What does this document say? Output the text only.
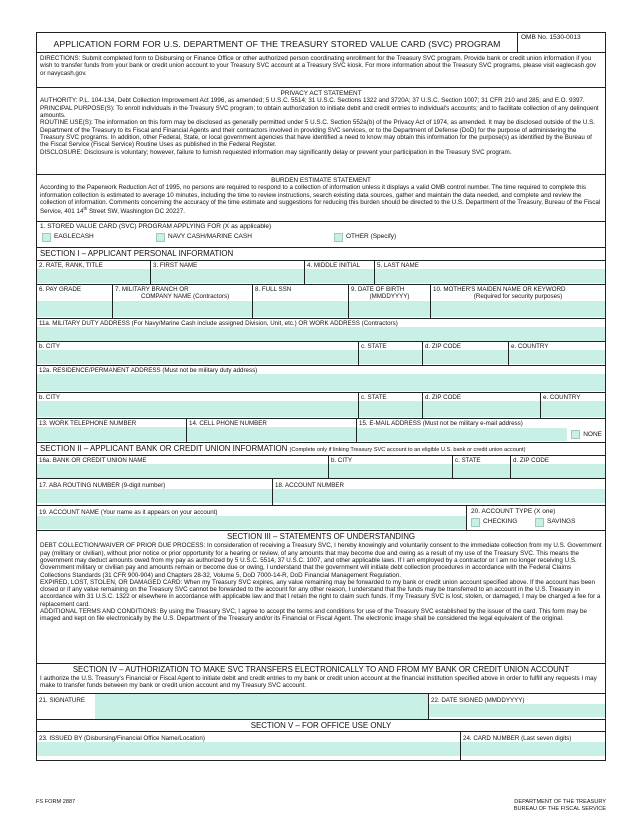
APPLICATION FORM FOR U.S. DEPARTMENT OF THE TREASURY STORED VALUE CARD (SVC) PROGRAM
OMB No. 1530-0013
DIRECTIONS: Submit completed form to Disbursing or Finance Office or other authorized person coordinating enrollment for the Treasury SVC program. Provide bank or credit union information if you wish to transfer funds from your bank or credit union account to your Treasury SVC account at a Treasury SVC kiosk. For more information about the Treasury SVC programs, please visit eaglecash.gov or navycash.gov.
PRIVACY ACT STATEMENT
AUTHORITY: P.L. 104-134, Debt Collection Improvement Act 1996, as amended; 5 U.S.C. 5514; 31 U.S.C. Sections 1322 and 3720A; 37 U.S.C. Section 1007; 31 CFR 210 and 285; and E.O. 9397.
PRINCIPAL PURPOSE(S): To enroll individuals in the Treasury SVC program; to obtain authorization to initiate debit and credit entries to individual's accounts; and to facilitate collection of any delinquent amounts.
ROUTINE USE(S): The information on this form may be disclosed as generally permitted under 5 U.S.C. Section 552a(b) of the Privacy Act of 1974, as amended. It may be disclosed outside of the U.S. Department of the Treasury to its Fiscal and Financial Agents and their contractors involved in providing SVC services, or to the Department of Defense (DoD) for the purpose of administering the Treasury SVC programs. In addition, other Federal, State, or local government agencies that have identified a need to know may obtain this information for the purpose(s) as identified by the Bureau of the Fiscal Service (Fiscal Service) Routine Uses as published in the Federal Register.
DISCLOSURE: Disclosure is voluntary; however, failure to furnish requested information may significantly delay or prevent your participation in the Treasury SVC program.
BURDEN ESTIMATE STATEMENT
According to the Paperwork Reduction Act of 1995, no persons are required to respond to a collection of information unless it displays a valid OMB control number. The time required to complete this information collection is estimated to average 10 minutes, including the time to review instructions, search existing data sources, gather and maintain the data needed, and complete and review the collection of information. Comments concerning the accuracy of the time estimate and suggestions for reducing this burden should be directed to the U.S. Department of the Treasury, Bureau of the Fiscal Service, 401 14th Street SW, Washington DC 20227.
1. STORED VALUE CARD (SVC) PROGRAM APPLYING FOR (X as applicable)
EAGLECASH	NAVY CASH/MARINE CASH	OTHER (Specify)
SECTION I – APPLICANT PERSONAL INFORMATION
2. RATE, RANK, TITLE	3. FIRST NAME	4. MIDDLE INITIAL	5. LAST NAME
6. PAY GRADE	7. MILITARY BRANCH OR
COMPANY NAME (Contractors)
8. FULL SSN	9. DATE OF BIRTH
(MMDDYYYY)
10. MOTHER'S MAIDEN NAME OR KEYWORD
(Required for security purposes)
11a. MILITARY DUTY ADDRESS (For Navy/Marine Cash include assigned Division, Unit, etc.) OR WORK ADDRESS (Contractors)
b. CITY	c. STATE	d. ZIP CODE	e. COUNTRY
12a. RESIDENCE/PERMANENT ADDRESS (Must not be military duty address)
b. CITY	c. STATE	d. ZIP CODE	e. COUNTRY
13. WORK TELEPHONE NUMBER	14. CELL PHONE NUMBER	15. E-MAIL ADDRESS (Must not be military e-mail address)
NONE
SECTION II – APPLICANT BANK OR CREDIT UNION INFORMATION (Complete only if linking Treasury SVC account to an eligible U.S. bank or credit union account)
16a. BANK OR CREDIT UNION NAME	b. CITY	c. STATE	d. ZIP CODE
17. ABA ROUTING NUMBER (9-digit number)	18. ACCOUNT NUMBER
19. ACCOUNT NAME (Your name as it appears on your account)	20. ACCOUNT TYPE (X one)
CHECKING	SAVINGS
SECTION III – STATEMENTS OF UNDERSTANDING
DEBT COLLECTION/WAIVER OF PRIOR DUE PROCESS: In consideration of receiving a Treasury SVC, I hereby knowingly and voluntarily consent to the immediate collection from my U.S. Government pay (military or civilian), without prior notice or prior opportunity for a hearing or review, of any amounts that may become due and owing as a result of my use of the Treasury SVC. This means the government may deduct amounts owed from my pay as authorized by 5 U.S.C. 5514, 37 U.S.C. 1007, and other applicable laws. If I am employed by a contractor or I am no longer receiving U.S. Government military or civilian pay and amounts remain or become due or owing, I understand that the government will initiate debt collection procedures in accordance with the Federal Claims Collections Standards (31 CFR 900-904) and Chapters 28-32, Volume 5, DoD 7000-14-R, DoD Financial Management Regulation.
EXPIRED, LOST, STOLEN, OR DAMAGED CARD: When my Treasury SVC expires, any value remaining may be forwarded to my bank or credit union account specified above. If the account has been closed or if any value remaining on the Treasury SVC cannot be forwarded to the account for any other reason, I understand that the funds may be transferred to an account in the U.S. Treasury in accordance with 31 U.S.C. 1322 or elsewhere in accordance with applicable law and that I retain the right to claim such funds. If my Treasury SVC is lost, stolen, or damaged, I may be charged a fee for a replacement card.
ADDITIONAL TERMS AND CONDITIONS: By using the Treasury SVC, I agree to accept the terms and conditions for use of the Treasury SVC established by the issuer of the card. This form may be imaged and kept on file electronically by the U.S. Department of the Treasury and/or its Financial or Fiscal Agent. The electronic image shall be considered the legal equivalent of the original.
SECTION IV – AUTHORIZATION TO MAKE SVC TRANSFERS ELECTRONICALLY TO AND FROM MY BANK OR CREDIT UNION ACCOUNT
I authorize the U.S. Treasury's Financial or Fiscal Agent to initiate debit and credit entries to my bank or credit union account at the financial institution specified above in order to fulfill any requests I may make to transfer funds between my bank or credit union account and my Treasury SVC account.
21. SIGNATURE	22. DATE SIGNED (MMDDYYYY)
SECTION V – FOR OFFICE USE ONLY
23. ISSUED BY (Disbursing/Financial Office Name/Location)	24. CARD NUMBER (Last seven digits)
FS FORM 2887	DEPARTMENT OF THE TREASURY
BUREAU OF THE FISCAL SERVICE
